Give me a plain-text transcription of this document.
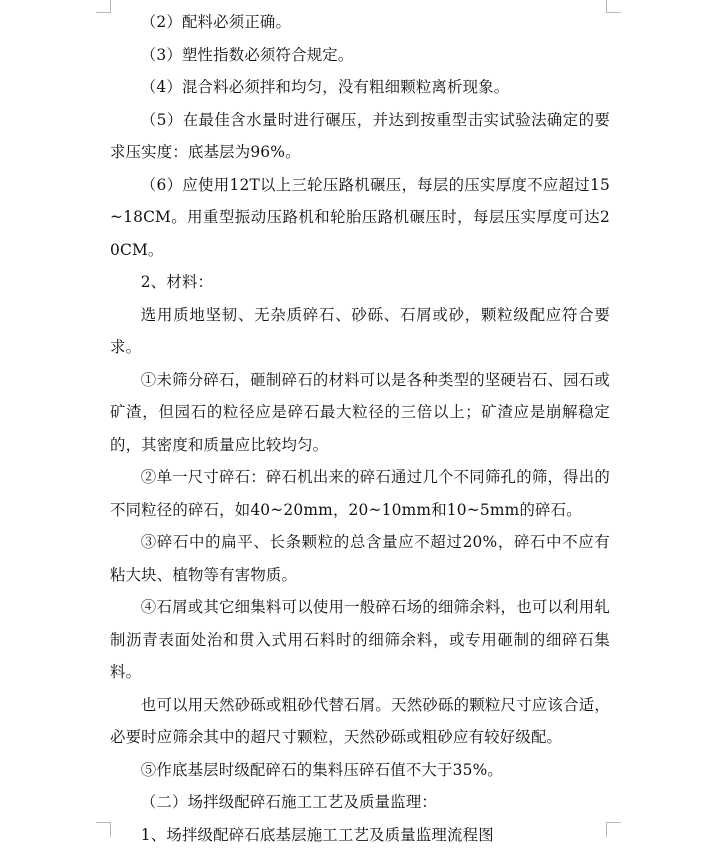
（2）配料必须正确。

（3）塑性指数必须符合规定。

（4）混合料必须拌和均匀，没有粗细颗粒离析现象。

（5）在最佳含水量时进行碾压，并达到按重型击实试验法确定的要求压实度：底基层为96%。

（6）应使用12T以上三轮压路机碾压，每层的压实厚度不应超过15~18CM。用重型振动压路机和轮胎压路机碾压时，每层压实厚度可达20CM。

2、材料：

选用质地坚韧、无杂质碎石、砂砾、石屑或砂，颗粒级配应符合要求。

①未筛分碎石，砸制碎石的材料可以是各种类型的坚硬岩石、园石或矿渣，但园石的粒径应是碎石最大粒径的三倍以上；矿渣应是崩解稳定的，其密度和质量应比较均匀。

②单一尺寸碎石：碎石机出来的碎石通过几个不同筛孔的筛，得出的不同粒径的碎石，如40~20mm，20~10mm和10~5mm的碎石。

③碎石中的扁平、长条颗粒的总含量应不超过20%，碎石中不应有粘大块、植物等有害物质。

④石屑或其它细集料可以使用一般碎石场的细筛余料，也可以利用轧制沥青表面处治和贯入式用石料时的细筛余料，或专用砸制的细碎石集料。

也可以用天然砂砾或粗砂代替石屑。天然砂砾的颗粒尺寸应该合适，必要时应筛余其中的超尺寸颗粒，天然砂砾或粗砂应有较好级配。

⑤作底基层时级配碎石的集料压碎石值不大于35%。

（二）场拌级配碎石施工工艺及质量监理：

1、场拌级配碎石底基层施工工艺及质量监理流程图
